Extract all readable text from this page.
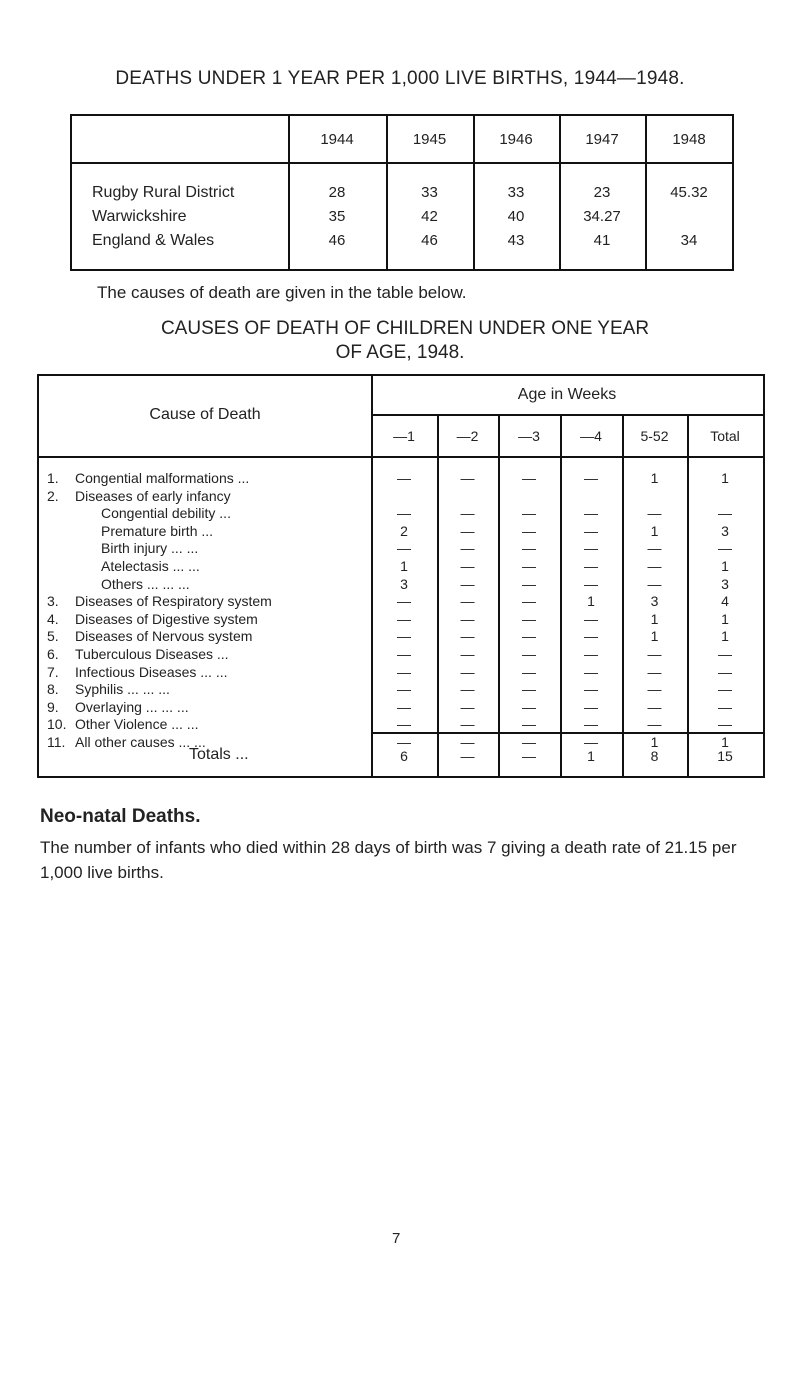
DEATHS UNDER 1 YEAR PER 1,000 LIVE BIRTHS, 1944—1948.
1944	1945	1946	1947	1948
Rugby Rural District	28	33	33	23	45.32
Warwickshire	35	42	40	34.27
England & Wales	46	46	43	41	34
The causes of death are given in the table below.
CAUSES OF DEATH OF CHILDREN UNDER ONE YEAR
OF AGE, 1948.
Cause of Death
Age in Weeks
—1	—2	—3	—4	5-52	Total
1. Congential malformations ...	—	—	—	—	1	1
2. Diseases of early infancy
Congential debility ...	—	—	—	—	—	—
Premature birth ...	2	—	—	—	1	3
Birth injury ... ...	—	—	—	—	—	—
Atelectasis ... ...	1	—	—	—	—	1
Others ... ... ...	3	—	—	—	—	3
3. Diseases of Respiratory system	—	—	—	1	3	4
4. Diseases of Digestive system	—	—	—	—	1	1
5. Diseases of Nervous system	—	—	—	—	1	1
6. Tuberculous Diseases ...	—	—	—	—	—	—
7. Infectious Diseases ... ...	—	—	—	—	—	—
8. Syphilis ... ... ...	—	—	—	—	—	—
9. Overlaying ... ... ...	—	—	—	—	—	—
10. Other Violence ... ...	—	—	—	—	—	—
11. All other causes ... ...	—	—	—	—	1	1
Totals ...	6	—	—	1	8	15
Neo-natal Deaths.
The number of infants who died within 28 days of birth was 7 giving a death rate of 21.15 per 1,000 live births.
7
